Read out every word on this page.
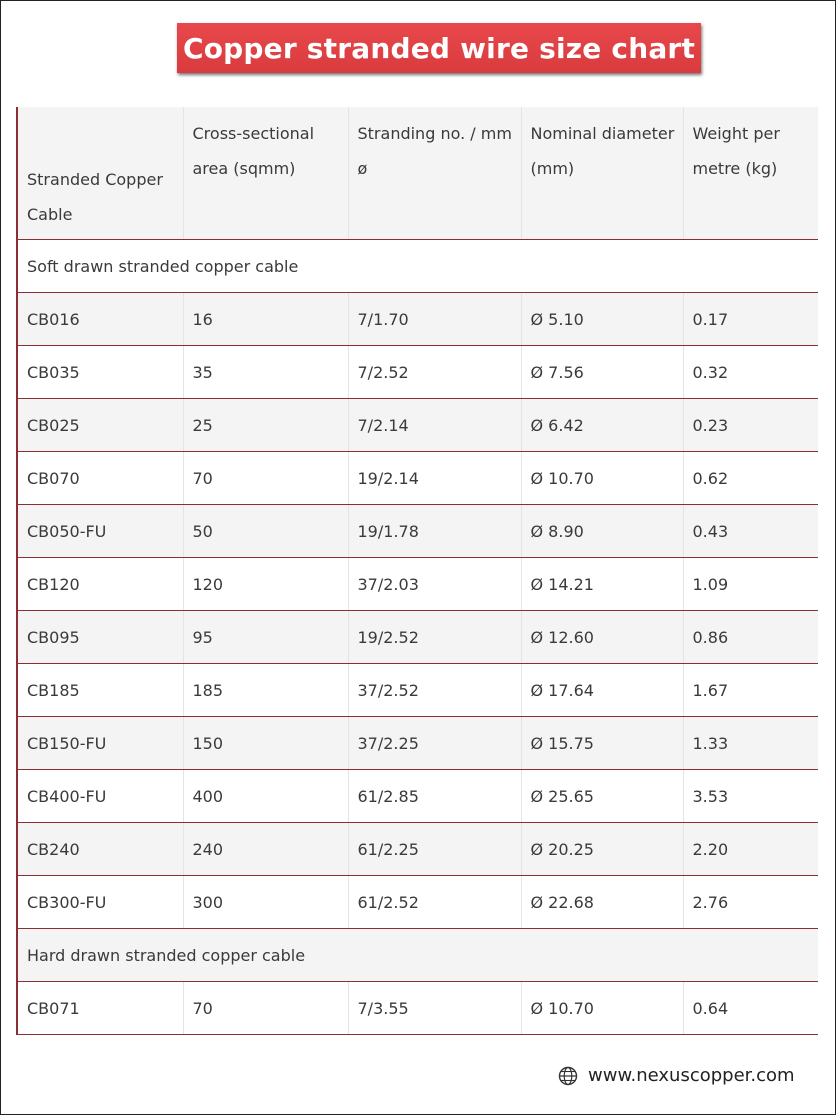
Copper stranded wire size chart
Stranded Copper Cable	Cross-sectional area (sqmm)	Stranding no. / mm ø	Nominal diameter (mm)	Weight per metre (kg)
Soft drawn stranded copper cable				
CB016	16	7/1.70	Ø 5.10	0.17
CB035	35	7/2.52	Ø 7.56	0.32
CB025	25	7/2.14	Ø 6.42	0.23
CB070	70	19/2.14	Ø 10.70	0.62
CB050-FU	50	19/1.78	Ø 8.90	0.43
CB120	120	37/2.03	Ø 14.21	1.09
CB095	95	19/2.52	Ø 12.60	0.86
CB185	185	37/2.52	Ø 17.64	1.67
CB150-FU	150	37/2.25	Ø 15.75	1.33
CB400-FU	400	61/2.85	Ø 25.65	3.53
CB240	240	61/2.25	Ø 20.25	2.20
CB300-FU	300	61/2.52	Ø 22.68	2.76
Hard drawn stranded copper cable				
CB071	70	7/3.55	Ø 10.70	0.64
www.nexuscopper.com
